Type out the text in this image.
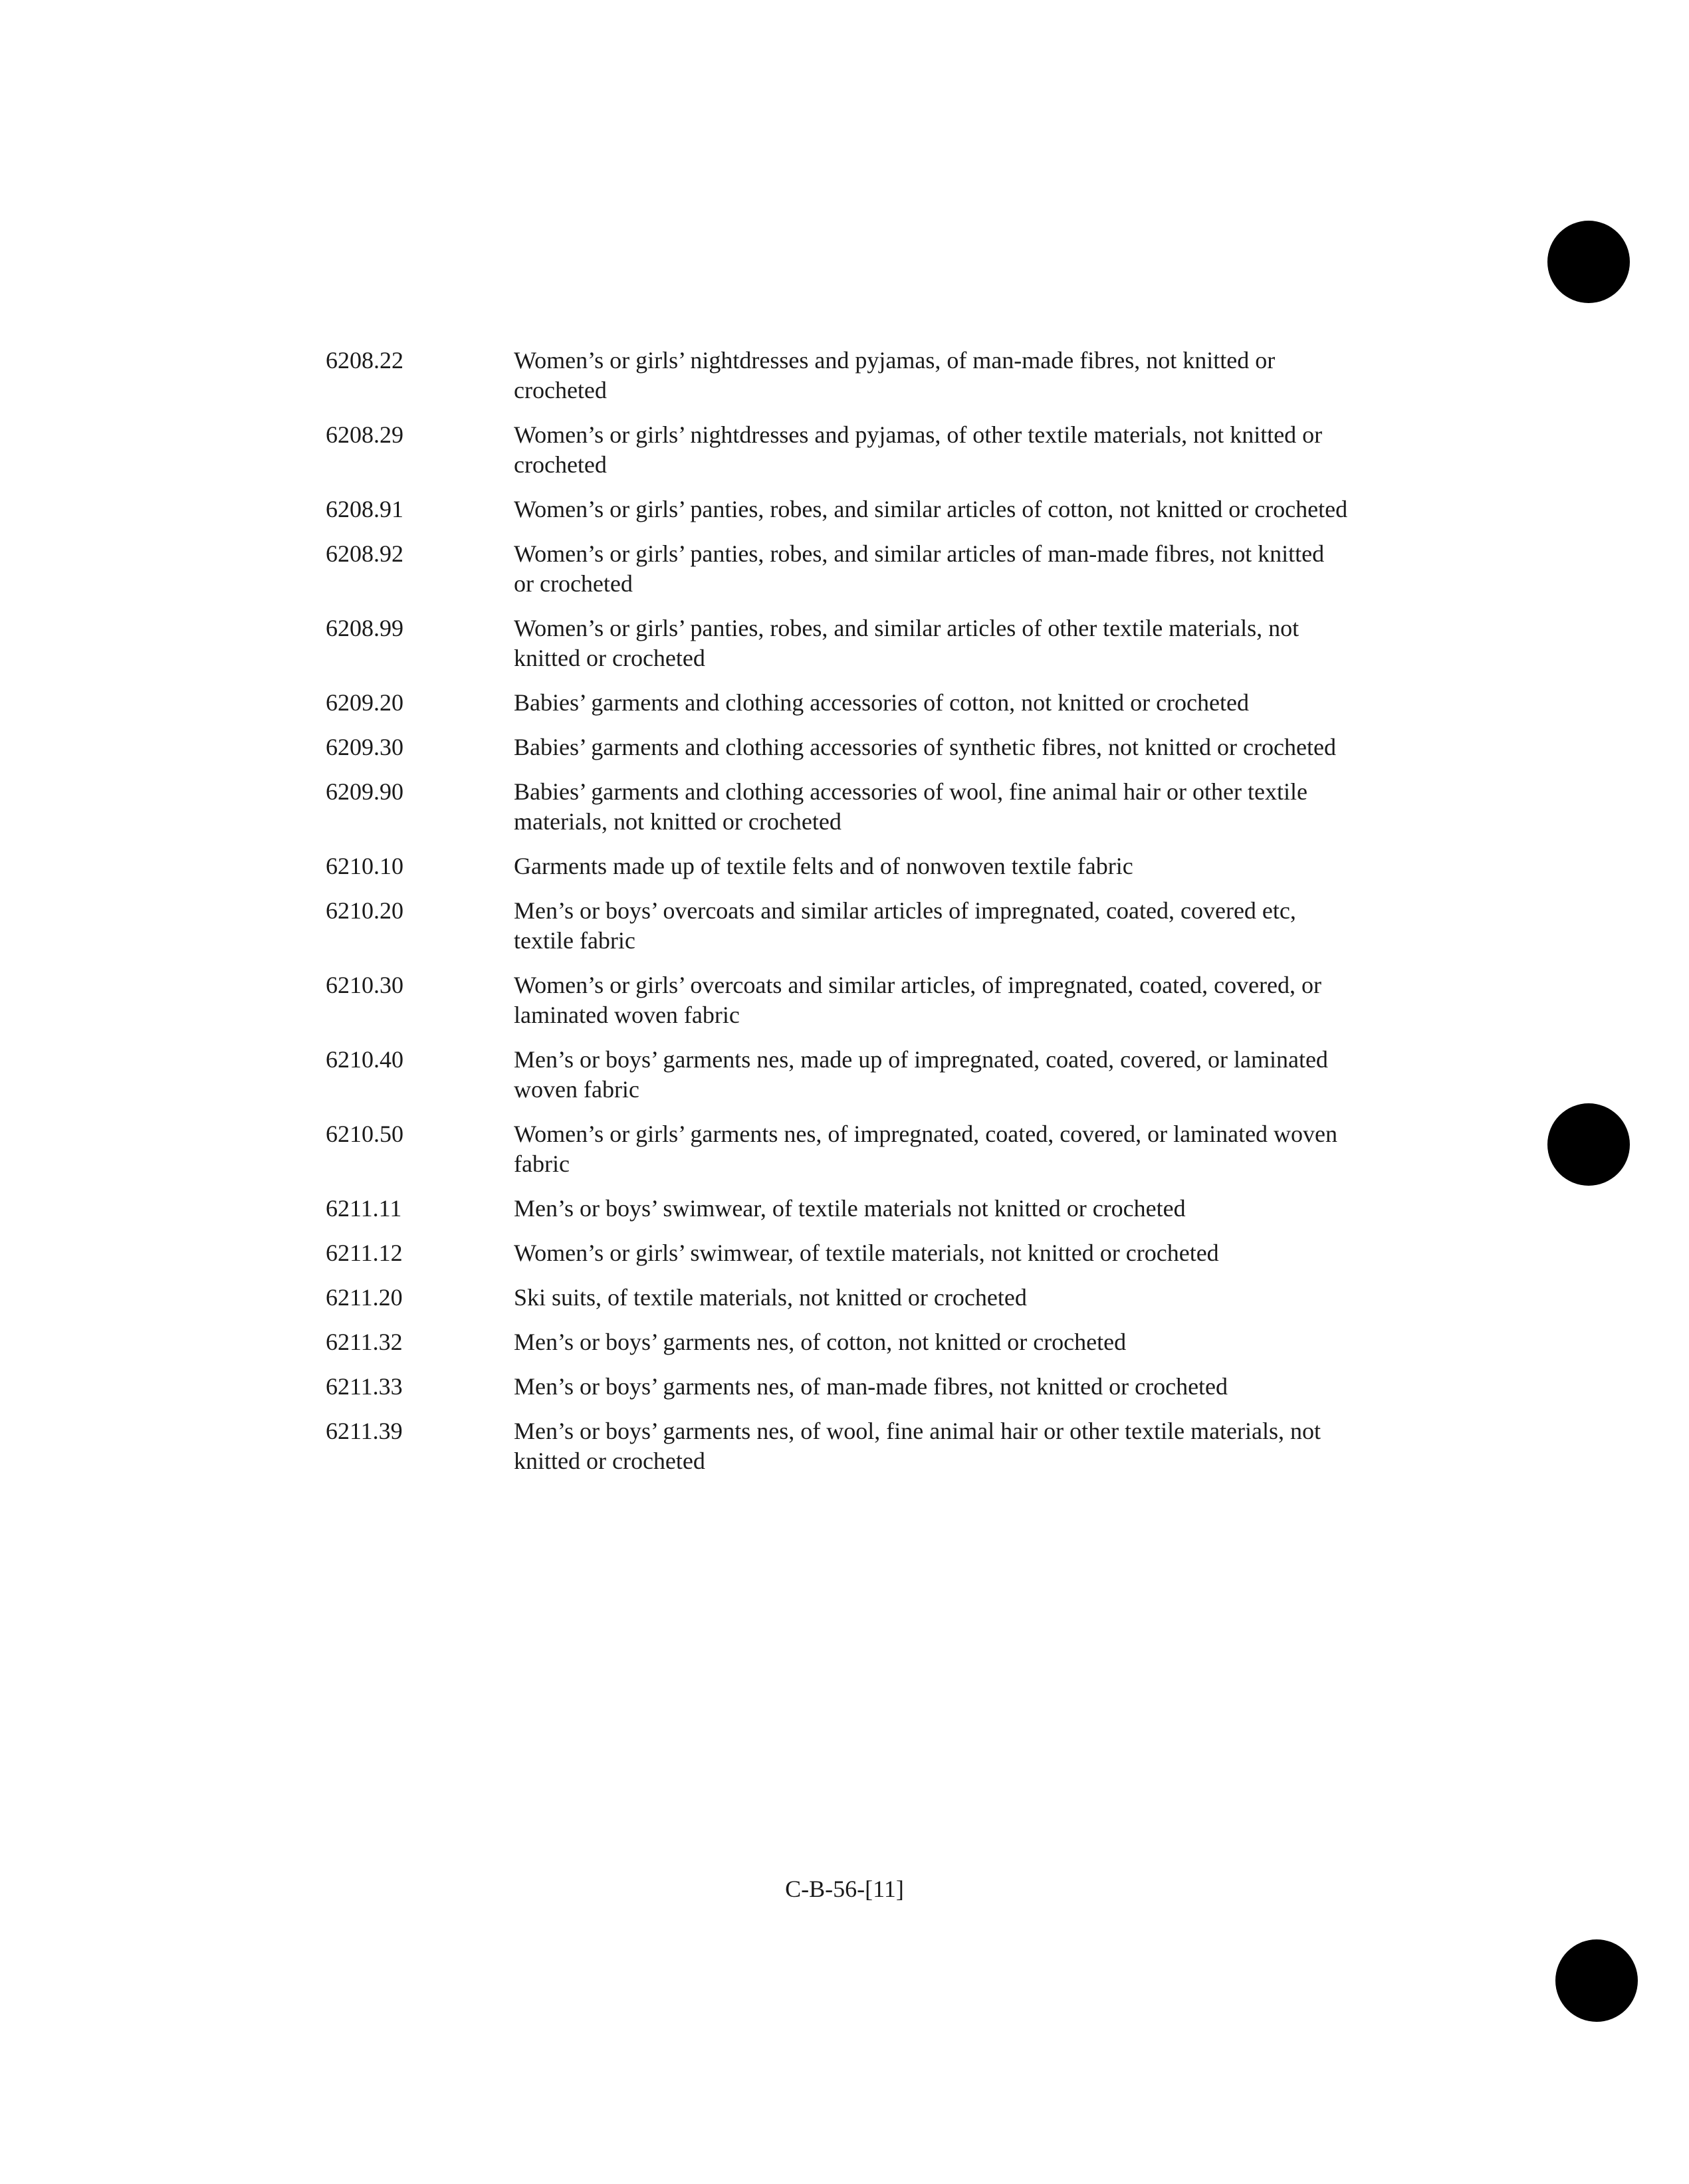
6208.22	Women’s or girls’ nightdresses and pyjamas, of man-made fibres, not knitted or crocheted
6208.29	Women’s or girls’ nightdresses and pyjamas, of other textile materials, not knitted or crocheted
6208.91	Women’s or girls’ panties, robes, and similar articles of cotton, not knitted or crocheted
6208.92	Women’s or girls’ panties, robes, and similar articles of man-made fibres, not knitted or crocheted
6208.99	Women’s or girls’ panties, robes, and similar articles of other textile materials, not knitted or crocheted
6209.20	Babies’ garments and clothing accessories of cotton, not knitted or crocheted
6209.30	Babies’ garments and clothing accessories of synthetic fibres, not knitted or crocheted
6209.90	Babies’ garments and clothing accessories of wool, fine animal hair or other textile materials, not knitted or crocheted
6210.10	Garments made up of textile felts and of nonwoven textile fabric
6210.20	Men’s or boys’ overcoats and similar articles of impregnated, coated, covered etc, textile fabric
6210.30	Women’s or girls’ overcoats and similar articles, of impregnated, coated, covered, or laminated woven fabric
6210.40	Men’s or boys’ garments nes, made up of impregnated, coated, covered, or laminated woven fabric
6210.50	Women’s or girls’ garments nes, of impregnated, coated, covered, or laminated woven fabric
6211.11	Men’s or boys’ swimwear, of textile materials not knitted or crocheted
6211.12	Women’s or girls’ swimwear, of textile materials, not knitted or crocheted
6211.20	Ski suits, of textile materials, not knitted or crocheted
6211.32	Men’s or boys’ garments nes, of cotton, not knitted or crocheted
6211.33	Men’s or boys’ garments nes, of man-made fibres, not knitted or crocheted
6211.39	Men’s or boys’ garments nes, of wool, fine animal hair or other textile materials, not knitted or crocheted
C-B-56-[11]
